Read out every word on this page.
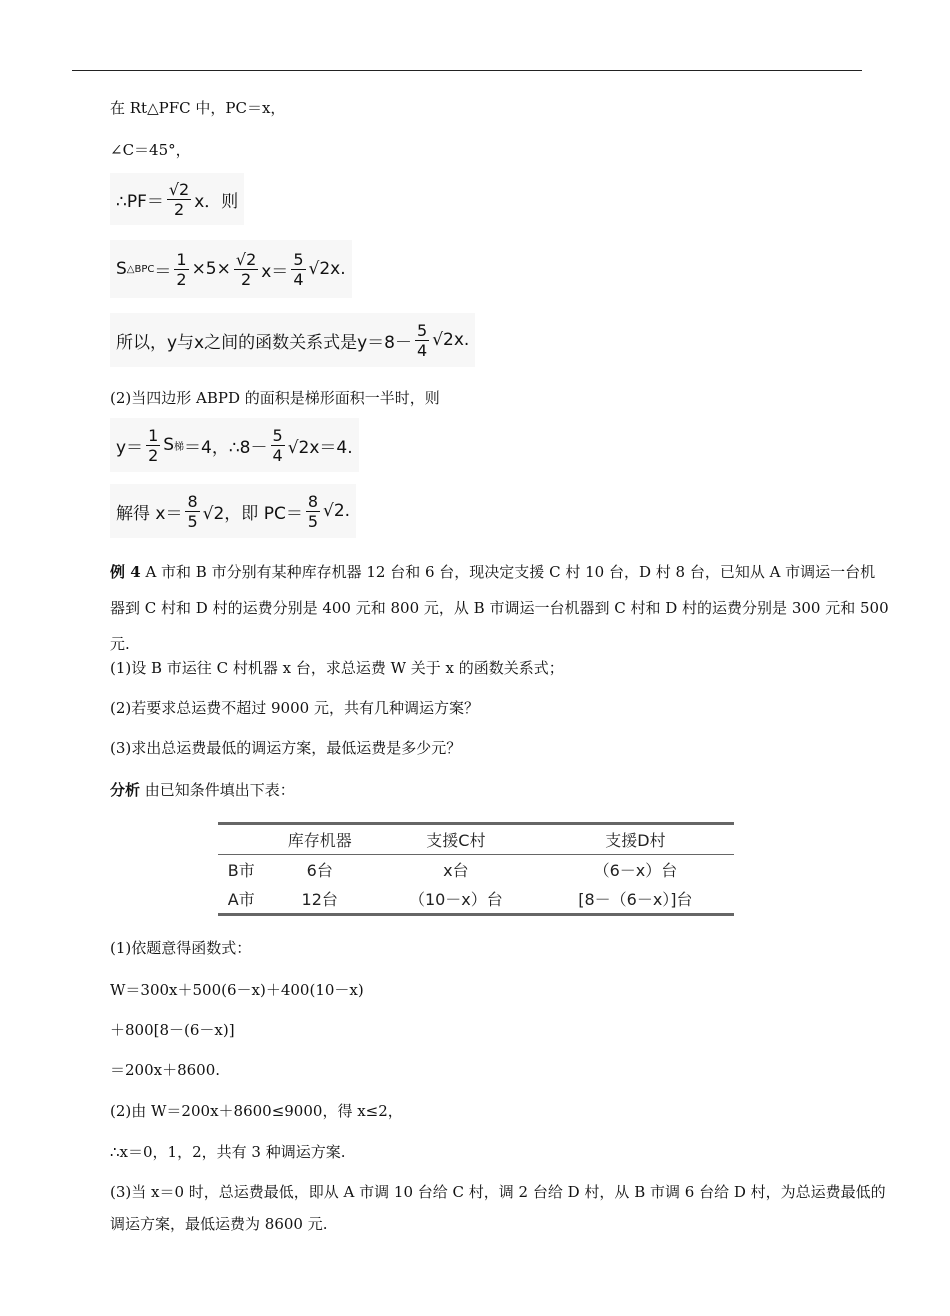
在 Rt△PFC 中，PC＝x，
∠C＝45°，
∴PF＝ $\frac{√2}{2}$ x．则
S △BPC ＝ $\frac{1}{2} \times 5\times \frac{√2}{2} x= \frac{5}{4} √2x$.
所以，y与x之间的函数关系式是$y=8- \frac{5}{4} √2x$.
(2)当四边形 ABPD 的面积是梯形面积一半时，则
$y= \frac{1}{2}$ S 梯 ＝4，∴8－ $\frac{5}{4} √2x=4$.
解得 $x= \frac{8}{5} √2$，即 $PC= \frac{8}{5} √2$.
例 4 A 市和 B 市分别有某种库存机器 12 台和 6 台，现决定支援 C 村 10 台，D 村 8 台，已知从 A 市调运一台机器到 C 村和 D 村的运费分别是 400 元和 800 元，从 B 市调运一台机器到 C 村和 D 村的运费分别是 300 元和 500 元.
(1)设 B 市运往 C 村机器 x 台，求总运费 W 关于 x 的函数关系式；
(2)若要求总运费不超过 9000 元，共有几种调运方案？
(3)求出总运费最低的调运方案，最低运费是多少元？
分析 由已知条件填出下表：
	库存机器	支援C村	支援D村
B市	6台	x台	（6－x）台
A市	12台	（10－x）台	[8－（6－x）]台
(1)依题意得函数式：
W＝300x＋500(6－x)＋400(10－x)
＋800[8－(6－x)]
＝200x＋8600.
(2)由 W＝200x＋8600≤9000，得 x≤2，
∴x＝0，1，2，共有 3 种调运方案.
(3)当 x＝0 时，总运费最低，即从 A 市调 10 台给 C 村，调 2 台给 D 村，从 B 市调 6 台给 D 村，为总运费最低的调运方案，最低运费为 8600 元.
